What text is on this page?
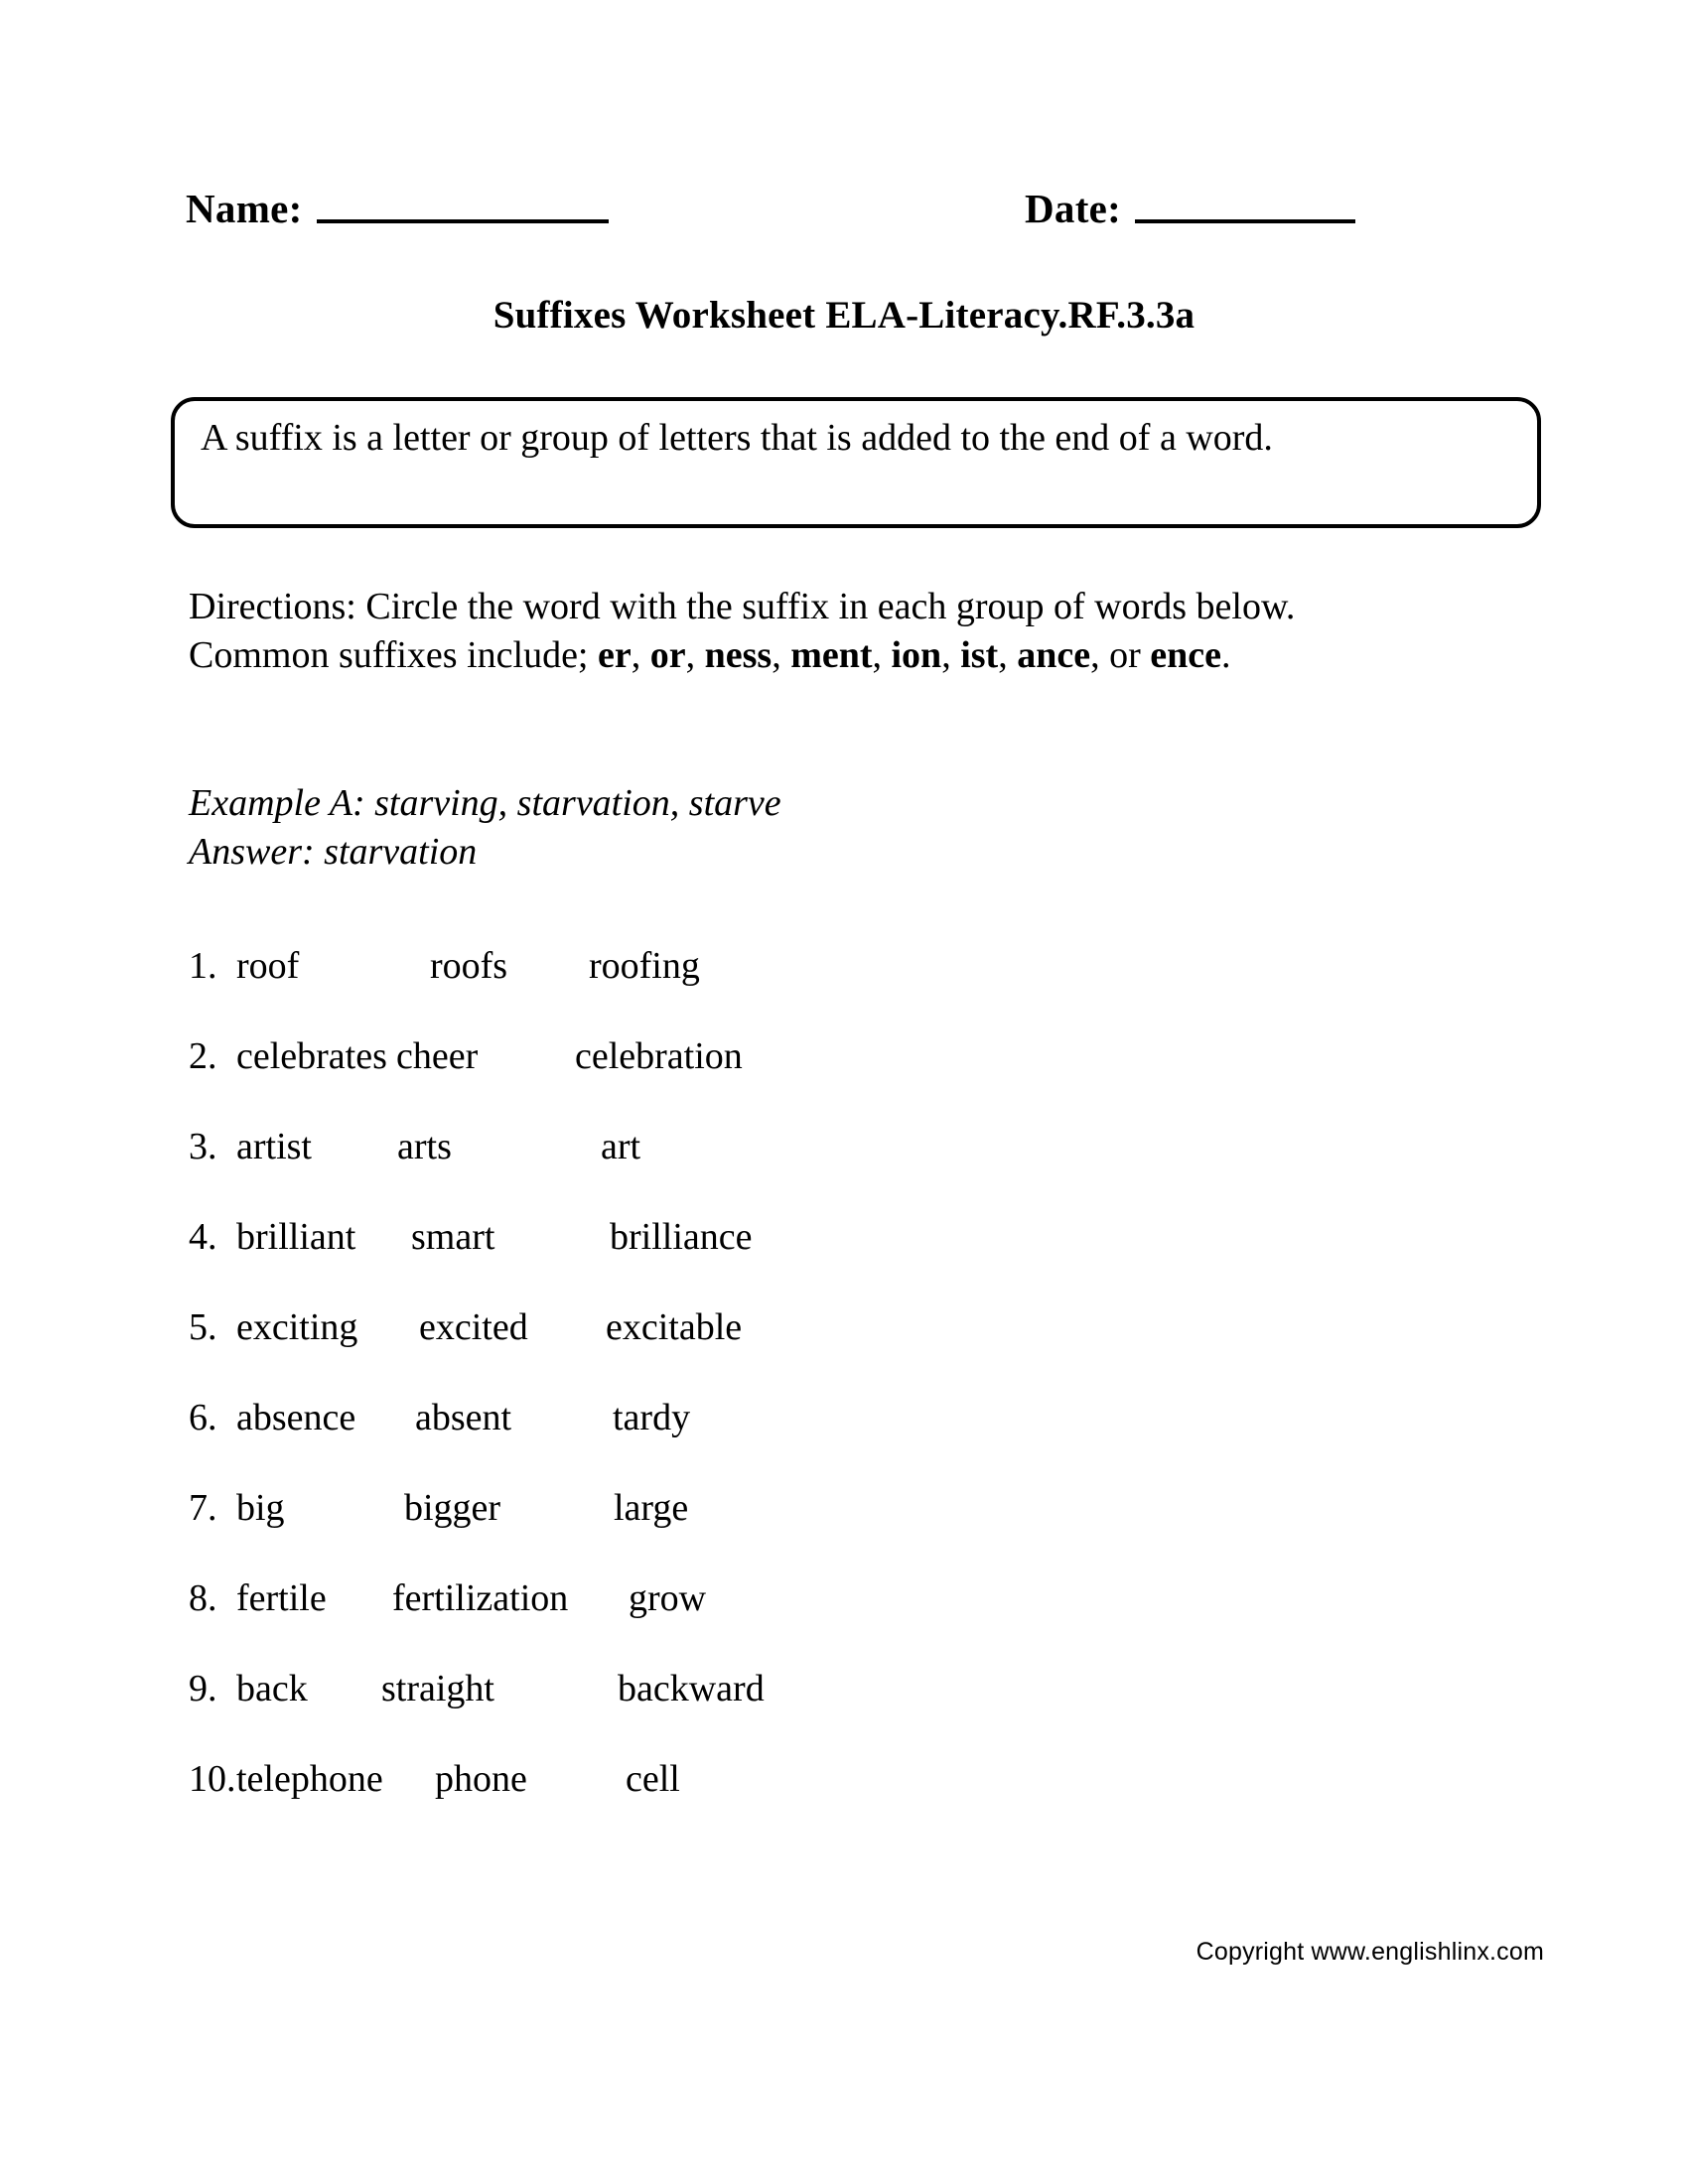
Name:	Date:
Suffixes Worksheet ELA-Literacy.RF.3.3a
A suffix is a letter or group of letters that is added to the end of a word.
Directions: Circle the word with the suffix in each group of words below. Common suffixes include; er, or, ness, ment, ion, ist, ance, or ence.
Example A: starving, starvation, starve
Answer: starvation
1. roof	roofs roofing
2. celebrates cheer	celebration
3. artist arts	art
4. brilliant smart	brilliance
5. exciting excited excitable
6. absence absent	tardy
7. big	bigger	large
8. fertile fertilization grow
9. back straight	backward
10. telephone phone	cell
Copyright www.englishlinx.com
